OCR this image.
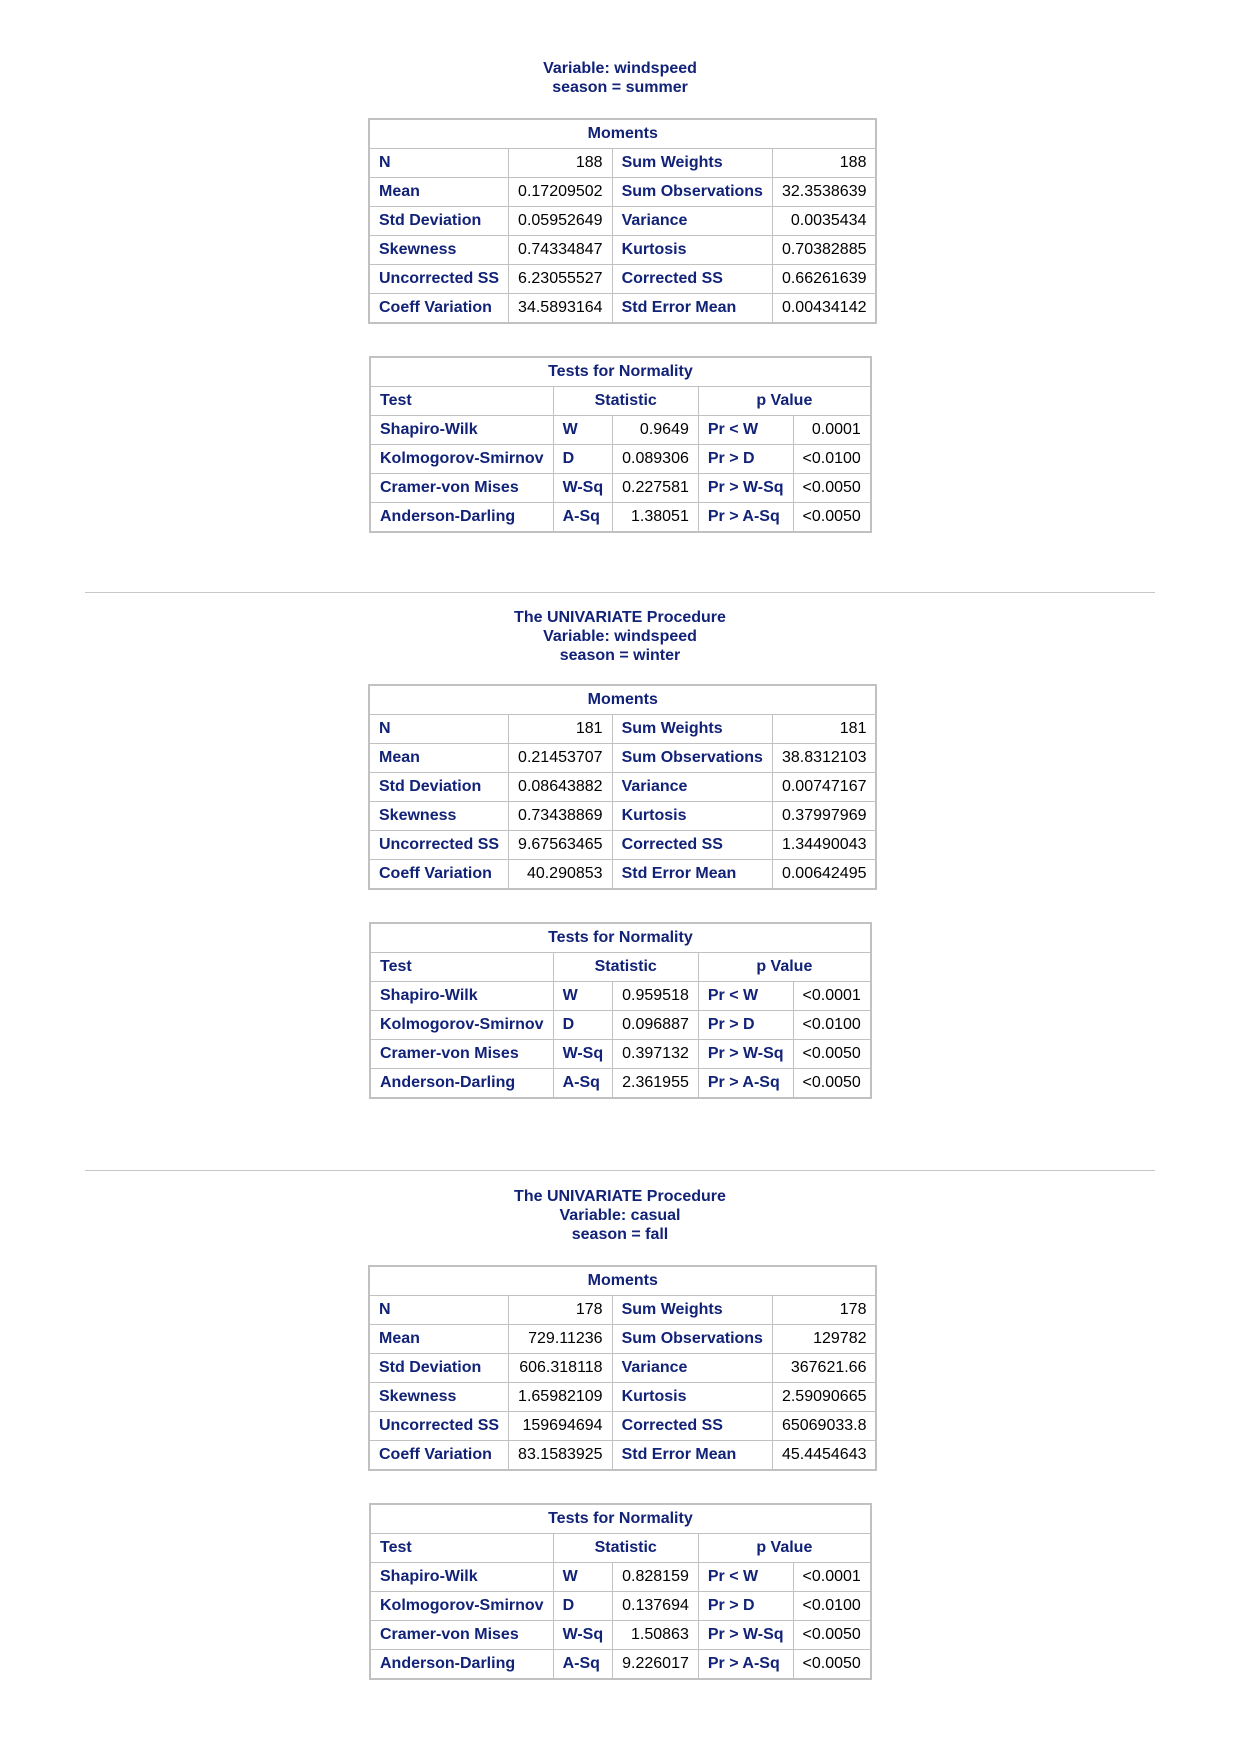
Variable: windspeed
season = summer
Moments			
N	188	Sum Weights	188
Mean	0.17209502	Sum Observations	32.3538639
Std Deviation	0.05952649	Variance	0.0035434
Skewness	0.74334847	Kurtosis	0.70382885
Uncorrected SS	6.23055527	Corrected SS	0.66261639
Coeff Variation	34.5893164	Std Error Mean	0.00434142
Tests for Normality				
Test	Statistic		p Value	
Shapiro-Wilk	W	0.9649	Pr < W	0.0001
Kolmogorov-Smirnov	D	0.089306	Pr > D	<0.0100
Cramer-von Mises	W-Sq	0.227581	Pr > W-Sq	<0.0050
Anderson-Darling	A-Sq	1.38051	Pr > A-Sq	<0.0050
The UNIVARIATE Procedure
Variable: windspeed
season = winter
Moments			
N	181	Sum Weights	181
Mean	0.21453707	Sum Observations	38.8312103
Std Deviation	0.08643882	Variance	0.00747167
Skewness	0.73438869	Kurtosis	0.37997969
Uncorrected SS	9.67563465	Corrected SS	1.34490043
Coeff Variation	40.290853	Std Error Mean	0.00642495
Tests for Normality				
Test	Statistic		p Value	
Shapiro-Wilk	W	0.959518	Pr < W	<0.0001
Kolmogorov-Smirnov	D	0.096887	Pr > D	<0.0100
Cramer-von Mises	W-Sq	0.397132	Pr > W-Sq	<0.0050
Anderson-Darling	A-Sq	2.361955	Pr > A-Sq	<0.0050
The UNIVARIATE Procedure
Variable: casual
season = fall
Moments			
N	178	Sum Weights	178
Mean	729.11236	Sum Observations	129782
Std Deviation	606.318118	Variance	367621.66
Skewness	1.65982109	Kurtosis	2.59090665
Uncorrected SS	159694694	Corrected SS	65069033.8
Coeff Variation	83.1583925	Std Error Mean	45.4454643
Tests for Normality				
Test	Statistic		p Value	
Shapiro-Wilk	W	0.828159	Pr < W	<0.0001
Kolmogorov-Smirnov	D	0.137694	Pr > D	<0.0100
Cramer-von Mises	W-Sq	1.50863	Pr > W-Sq	<0.0050
Anderson-Darling	A-Sq	9.226017	Pr > A-Sq	<0.0050
